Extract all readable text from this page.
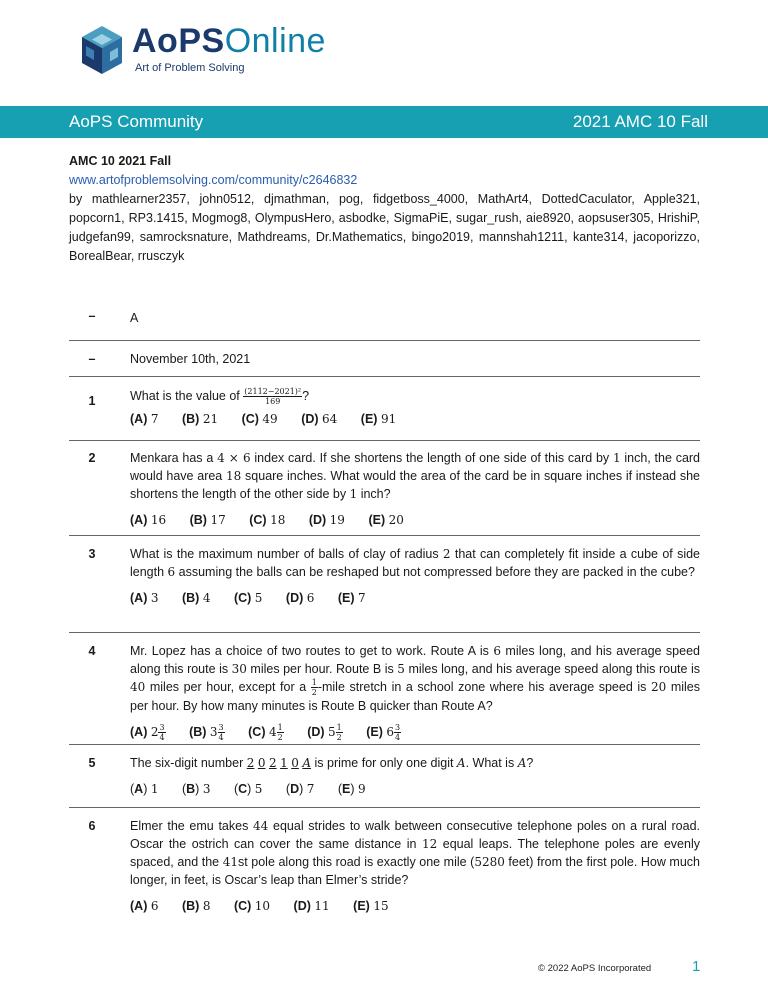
AoPSOnline
Art of Problem Solving
AoPS Community	2021 AMC 10 Fall
AMC 10 2021 Fall
www.artofproblemsolving.com/community/c2646832
by mathlearner2357, john0512, djmathman, pog, fidgetboss_4000, MathArt4, DottedCaculator, Apple321, popcorn1, RP3.1415, Mogmog8, OlympusHero, asbodke, SigmaPiE, sugar_rush, aie8920, aopsuser305, HrishiP, judgefan99, samrocksnature, Mathdreams, Dr.Mathematics, bingo2019, mannshah1211, kante314, jacoporizzo, BorealBear, rrusczyk
–	A
–	November 10th, 2021
1	What is the value of $\frac{\text{(2112−2021)²}}{169}$ ?
(A) 7 (B) 21 (C) 49 (D) 64 (E) 91
2	Menkara has a 4 × 6 index card. If she shortens the length of one side of this card by 1 inch, the card would have area 18 square inches. What would the area of the card be in square inches if instead she shortens the length of the other side by 1 inch?
(A) 16 (B) 17 (C) 18 (D) 19 (E) 20
3	What is the maximum number of balls of clay of radius 2 that can completely fit inside a cube of side length 6 assuming the balls can be reshaped but not compressed before they are packed in the cube?
(A) 3 (B) 4 (C) 5 (D) 6 (E) 7
4	Mr. Lopez has a choice of two routes to get to work. Route A is 6 miles long, and his average speed along this route is 30 miles per hour. Route B is 5 miles long, and his average speed along this route is 40 miles per hour, except for a $\frac{1}{2}$ -mile stretch in a school zone where his average speed is 20 miles per hour. By how many minutes is Route B quicker than Route A?
(A) $2 \frac{3}{4} (B)$ $3 \frac{3}{4} (C)$ $4 \frac{1}{2} (D)$ $5 \frac{1}{2} (E)$ $6 \frac{3}{4}$
5	The six-digit number 2 0 2 1 0 A is prime for only one digit A. What is A?
(A) 1 (B) 3 (C) 5 (D) 7 (E) 9
6	Elmer the emu takes 44 equal strides to walk between consecutive telephone poles on a rural road. Oscar the ostrich can cover the same distance in 12 equal leaps. The telephone poles are evenly spaced, and the 41st pole along this road is exactly one mile (5280 feet) from the first pole. How much longer, in feet, is Oscar’s leap than Elmer’s stride?
(A) 6 (B) 8 (C) 10 (D) 11 (E) 15
© 2022 AoPS Incorporated	1
